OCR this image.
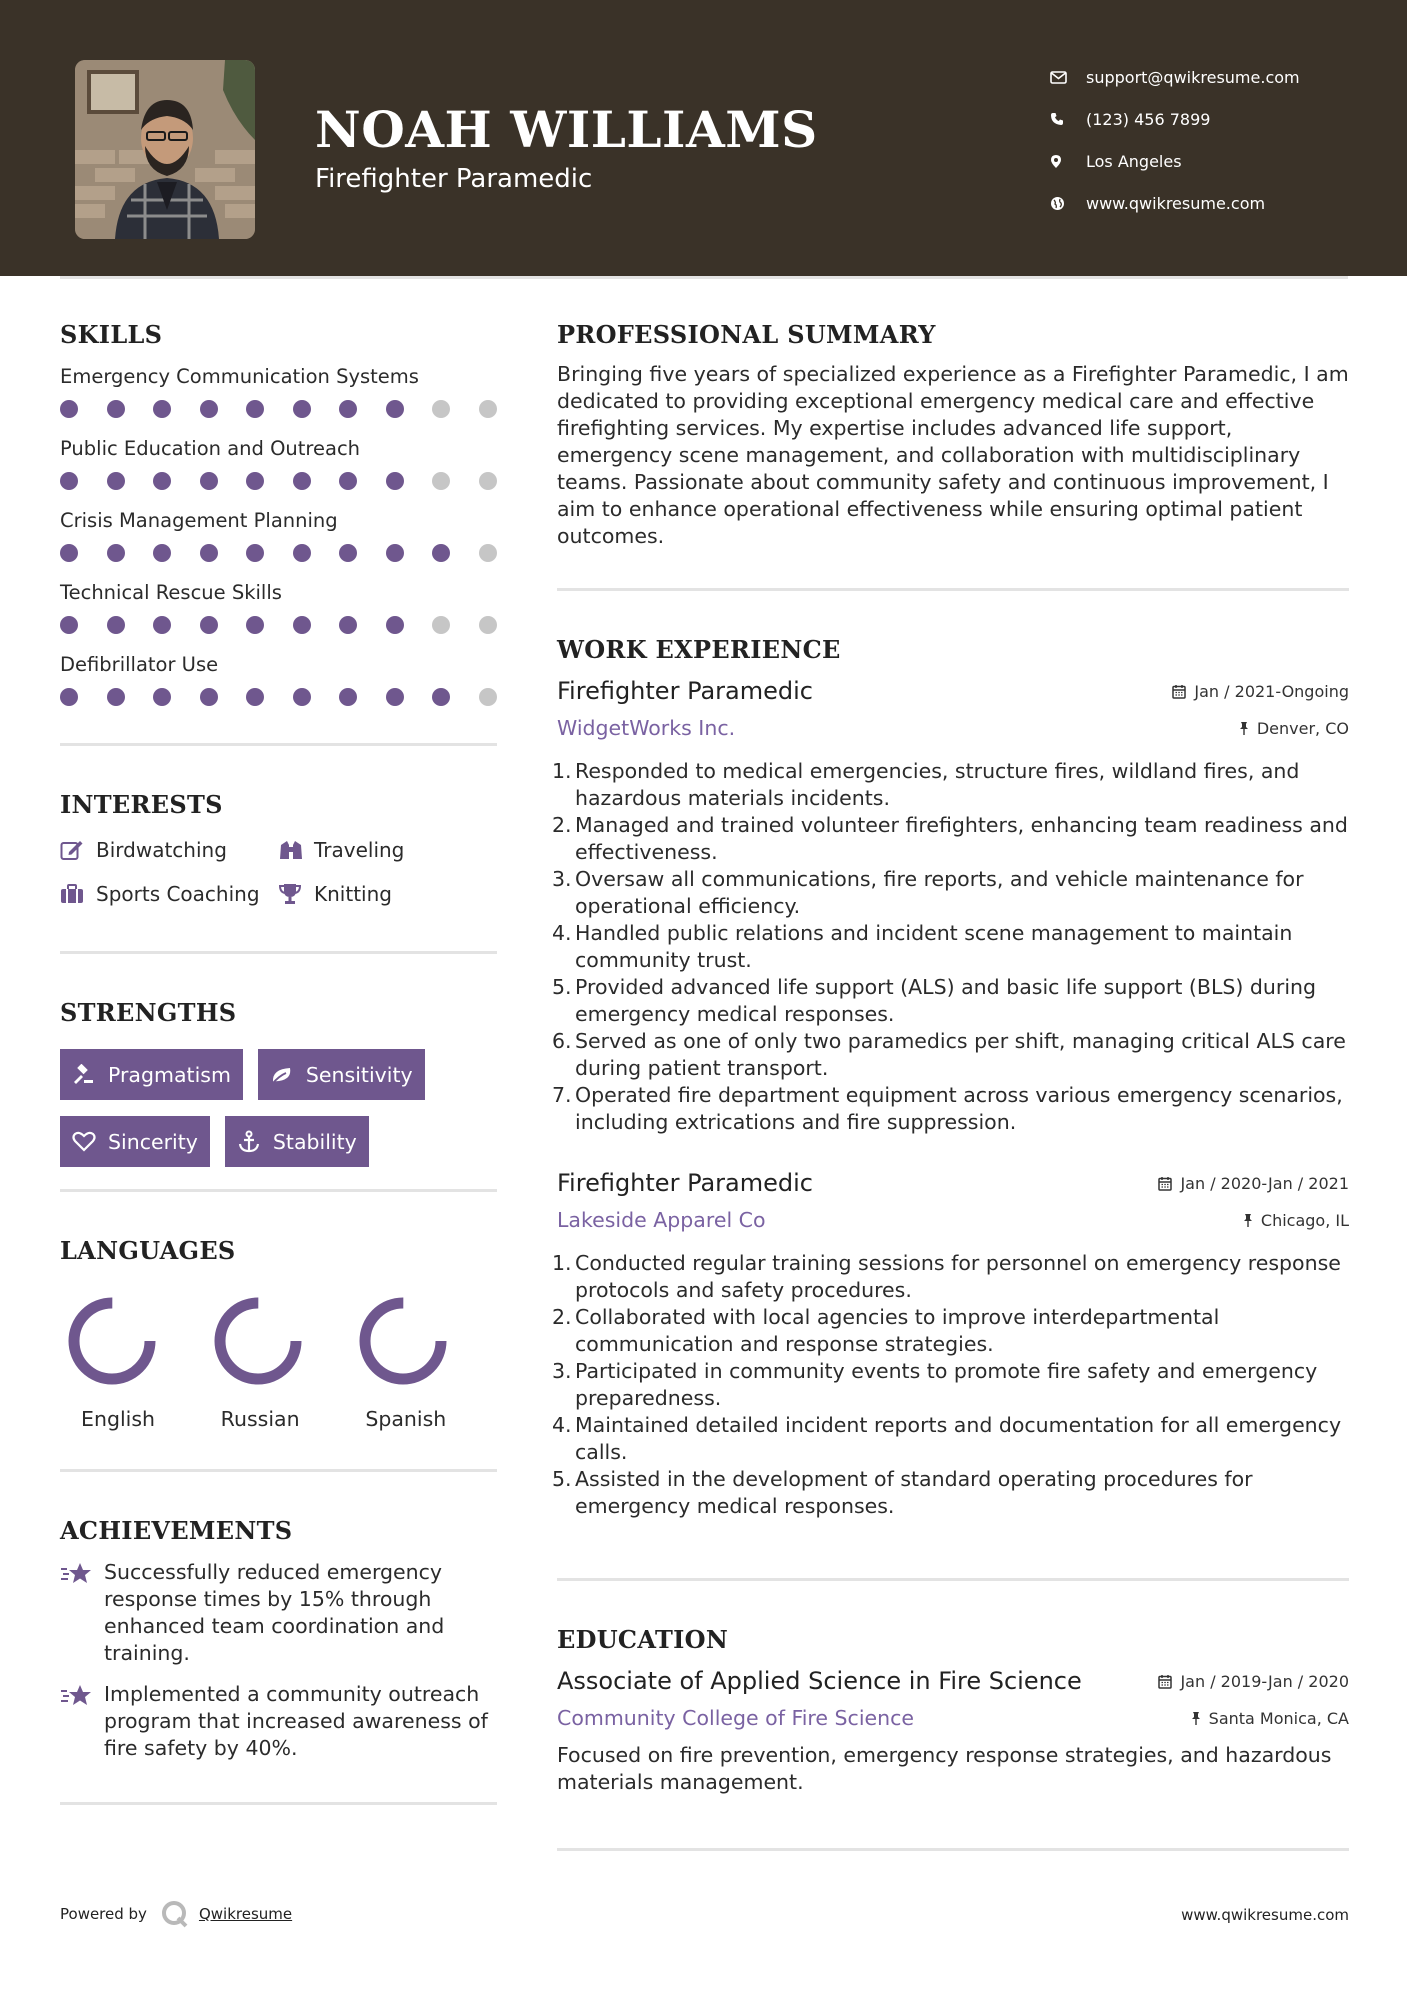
NOAH WILLIAMS
Firefighter Paramedic
support@qwikresume.com
(123) 456 7899
Los Angeles
www.qwikresume.com
SKILLS
Emergency Communication Systems
Public Education and Outreach
Crisis Management Planning
Technical Rescue Skills
Defibrillator Use
INTERESTS
Birdwatching	Traveling
Sports Coaching	Knitting
STRENGTHS
Pragmatism	Sensitivity
Sincerity	Stability
LANGUAGES
English	Russian	Spanish
ACHIEVEMENTS
Successfully reduced emergency response times by 15% through enhanced team coordination and training.
Implemented a community outreach program that increased awareness of fire safety by 40%.
PROFESSIONAL SUMMARY
Bringing five years of specialized experience as a Firefighter Paramedic, I am dedicated to providing exceptional emergency medical care and effective firefighting services. My expertise includes advanced life support, emergency scene management, and collaboration with multidisciplinary teams. Passionate about community safety and continuous improvement, I aim to enhance operational effectiveness while ensuring optimal patient outcomes.
WORK EXPERIENCE
Firefighter Paramedic	Jan / 2021-Ongoing
WidgetWorks Inc.	Denver, CO
1. Responded to medical emergencies, structure fires, wildland fires, and hazardous materials incidents.
2. Managed and trained volunteer firefighters, enhancing team readiness and effectiveness.
3. Oversaw all communications, fire reports, and vehicle maintenance for operational efficiency.
4. Handled public relations and incident scene management to maintain community trust.
5. Provided advanced life support (ALS) and basic life support (BLS) during emergency medical responses.
6. Served as one of only two paramedics per shift, managing critical ALS care during patient transport.
7. Operated fire department equipment across various emergency scenarios, including extrications and fire suppression.
Firefighter Paramedic	Jan / 2020-Jan / 2021
Lakeside Apparel Co	Chicago, IL
1. Conducted regular training sessions for personnel on emergency response protocols and safety procedures.
2. Collaborated with local agencies to improve interdepartmental communication and response strategies.
3. Participated in community events to promote fire safety and emergency preparedness.
4. Maintained detailed incident reports and documentation for all emergency calls.
5. Assisted in the development of standard operating procedures for emergency medical responses.
EDUCATION
Associate of Applied Science in Fire Science	Jan / 2019-Jan / 2020
Community College of Fire Science	Santa Monica, CA
Focused on fire prevention, emergency response strategies, and hazardous materials management.
Powered by	Qwikresume	www.qwikresume.com
